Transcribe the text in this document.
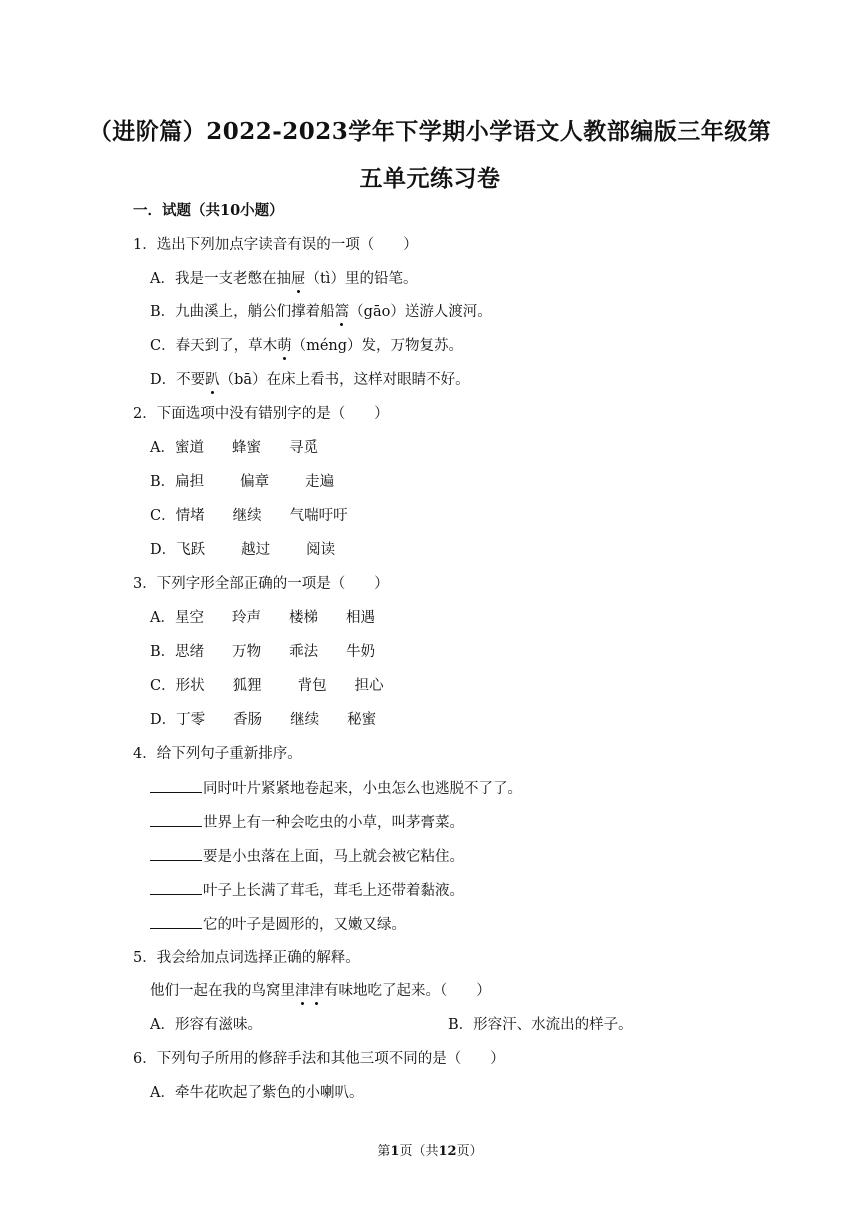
（进阶篇）2022-2023学年下学期小学语文人教部编版三年级第
五单元练习卷
一．试题（共10小题）
1．选出下列加点字读音有误的一项（　　）
A．我是一支老憋在抽屉（tì）里的铅笔。
B．九曲溪上，艄公们撑着船篙（gāo）送游人渡河。
C．春天到了，草木萌（méng）发，万物复苏。
D．不要趴（bā）在床上看书，这样对眼睛不好。
2．下面选项中没有错别字的是（　　）
A．蜜道 蜂蜜 寻觅
B．扁担 偏章 走遍
C．情堵 继续 气喘吁吁
D．飞跃 越过 阅读
3．下列字形全部正确的一项是（　　）
A．星空 玲声 楼梯 相遇
B．思绪 万物 乖法 牛奶
C．形状 狐狸 背包 担心
D．丁零 香肠 继续 秘蜜
4．给下列句子重新排序。
同时叶片紧紧地卷起来，小虫怎么也逃脱不了了。
世界上有一种会吃虫的小草，叫茅膏菜。
要是小虫落在上面，马上就会被它粘住。
叶子上长满了茸毛，茸毛上还带着黏液。
它的叶子是圆形的，又嫩又绿。
5．我会给加点词选择正确的解释。
他们一起在我的鸟窝里津津有味地吃了起来。（　　）
A．形容有滋味。	B．形容汗、水流出的样子。
6．下列句子所用的修辞手法和其他三项不同的是（　　）
A．牵牛花吹起了紫色的小喇叭。
第1页（共12页）
